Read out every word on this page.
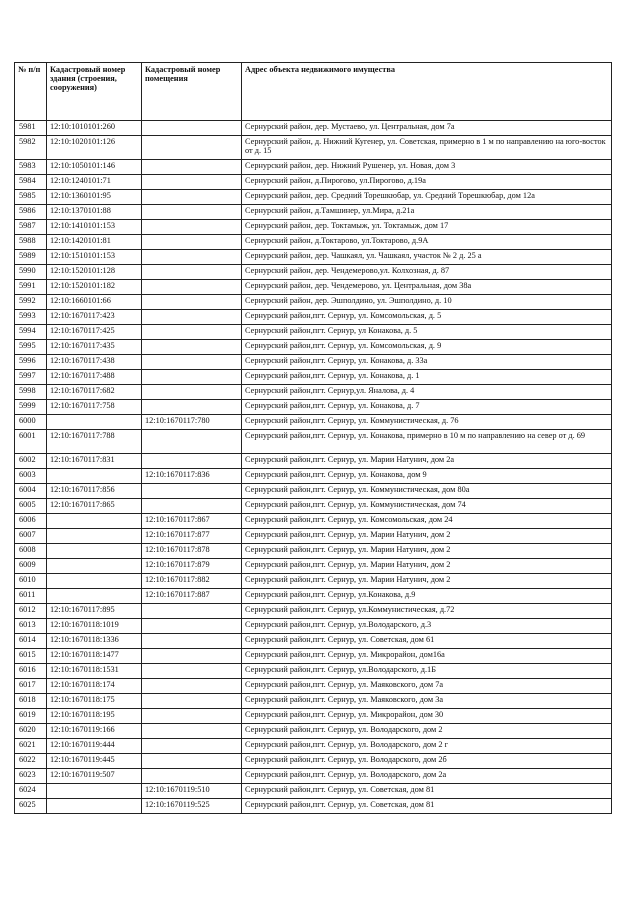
№ п/п	Кадастровый номер здания (строения, сооружения)	Кадастровый номер помещения	Адрес объекта недвижимого имущества
5981	12:10:1010101:260		Сернурский район, дер. Мустаево, ул. Центральная, дом 7а
5982	12:10:1020101:126		Сернурский район, д. Нижний Кугенер, ул. Советская, примерно в 1 м по направлению на юго-восток от д. 15
5983	12:10:1050101:146		Сернурский район, дер. Нижний Рушенер, ул. Новая, дом 3
5984	12:10:1240101:71		Сернурский район, д.Пирогово, ул.Пирогово, д.19а
5985	12:10:1360101:95		Сернурский район, дер. Средний Торешкюбар, ул. Средний Торешкюбар, дом 12а
5986	12:10:1370101:88		Сернурский район, д.Тамшинер, ул.Мира, д.21а
5987	12:10:1410101:153		Сернурский район, дер. Токтамыж, ул. Токтамыж, дом 17
5988	12:10:1420101:81		Сернурский район, д.Токтарово, ул.Токтарово, д.9А
5989	12:10:1510101:153		Сернурский район, дер. Чашкаял, ул. Чашкаял, участок № 2 д. 25 а
5990	12:10:1520101:128		Сернурский район, дер. Чендемерово,ул. Колхозная, д. 87
5991	12:10:1520101:182		Сернурский район, дер. Чендемерово, ул. Центральная, дом 38а
5992	12:10:1660101:66		Сернурский район, дер. Эшполдино, ул. Эшполдино, д. 10
5993	12:10:1670117:423		Сернурский район,пгт. Сернур, ул. Комсомольская, д. 5
5994	12:10:1670117:425		Сернурский район,пгт. Сернур, ул Конакова, д. 5
5995	12:10:1670117:435		Сернурский район,пгт. Сернур, ул. Комсомольская, д. 9
5996	12:10:1670117:438		Сернурский район,пгт. Сернур, ул. Конакова, д. 33а
5997	12:10:1670117:488		Сернурский район,пгт. Сернур, ул. Конакова, д. 1
5998	12:10:1670117:682		Сернурский район,пгт. Сернур,ул. Яналова, д. 4
5999	12:10:1670117:758		Сернурский район,пгт. Сернур, ул. Конакова, д. 7
6000		12:10:1670117:780	Сернурский район,пгт. Сернур, ул. Коммунистическая, д. 76
6001	12:10:1670117:788		Сернурский район,пгт. Сернур, ул. Конакова, примерно в 10 м по направлению на север от д. 69
6002	12:10:1670117:831		Сернурский район,пгт. Сернур, ул. Марии Натунич, дом 2а
6003		12:10:1670117:836	Сернурский район,пгт. Сернур, ул. Конакова, дом 9
6004	12:10:1670117:856		Сернурский район,пгт. Сернур, ул. Коммунистическая, дом 80а
6005	12:10:1670117:865		Сернурский район,пгт. Сернур, ул. Коммунистическая, дом 74
6006		12:10:1670117:867	Сернурский район,пгт. Сернур, ул. Комсомольская, дом 24
6007		12:10:1670117:877	Сернурский район,пгт. Сернур, ул. Марии Натунич, дом 2
6008		12:10:1670117:878	Сернурский район,пгт. Сернур, ул. Марии Натунич, дом 2
6009		12:10:1670117:879	Сернурский район,пгт. Сернур, ул. Марии Натунич, дом 2
6010		12:10:1670117:882	Сернурский район,пгт. Сернур, ул. Марии Натунич, дом 2
6011		12:10:1670117:887	Сернурский район,пгт. Сернур, ул.Конакова, д.9
6012	12:10:1670117:895		Сернурский район,пгт. Сернур, ул.Коммунистическая, д.72
6013	12:10:1670118:1019		Сернурский район,пгт. Сернур, ул.Володарского, д.3
6014	12:10:1670118:1336		Сернурский район,пгт. Сернур, ул. Советская, дом 61
6015	12:10:1670118:1477		Сернурский район,пгт. Сернур, ул. Микрорайон, дом16а
6016	12:10:1670118:1531		Сернурский район,пгт. Сернур, ул.Володарского, д.1Б
6017	12:10:1670118:174		Сернурский район,пгт. Сернур, ул. Маяковского, дом 7а
6018	12:10:1670118:175		Сернурский район,пгт. Сернур, ул. Маяковского, дом 3а
6019	12:10:1670118:195		Сернурский район,пгт. Сернур, ул. Микрорайон, дом 30
6020	12:10:1670119:166		Сернурский район,пгт. Сернур, ул. Володарского, дом 2
6021	12:10:1670119:444		Сернурский район,пгт. Сернур, ул. Володарского, дом 2 г
6022	12:10:1670119:445		Сернурский район,пгт. Сернур, ул. Володарского, дом 2б
6023	12:10:1670119:507		Сернурский район,пгт. Сернур, ул. Володарского, дом 2а
6024		12:10:1670119:510	Сернурский район,пгт. Сернур, ул. Советская, дом 81
6025		12:10:1670119:525	Сернурский район,пгт. Сернур, ул. Советская, дом 81
